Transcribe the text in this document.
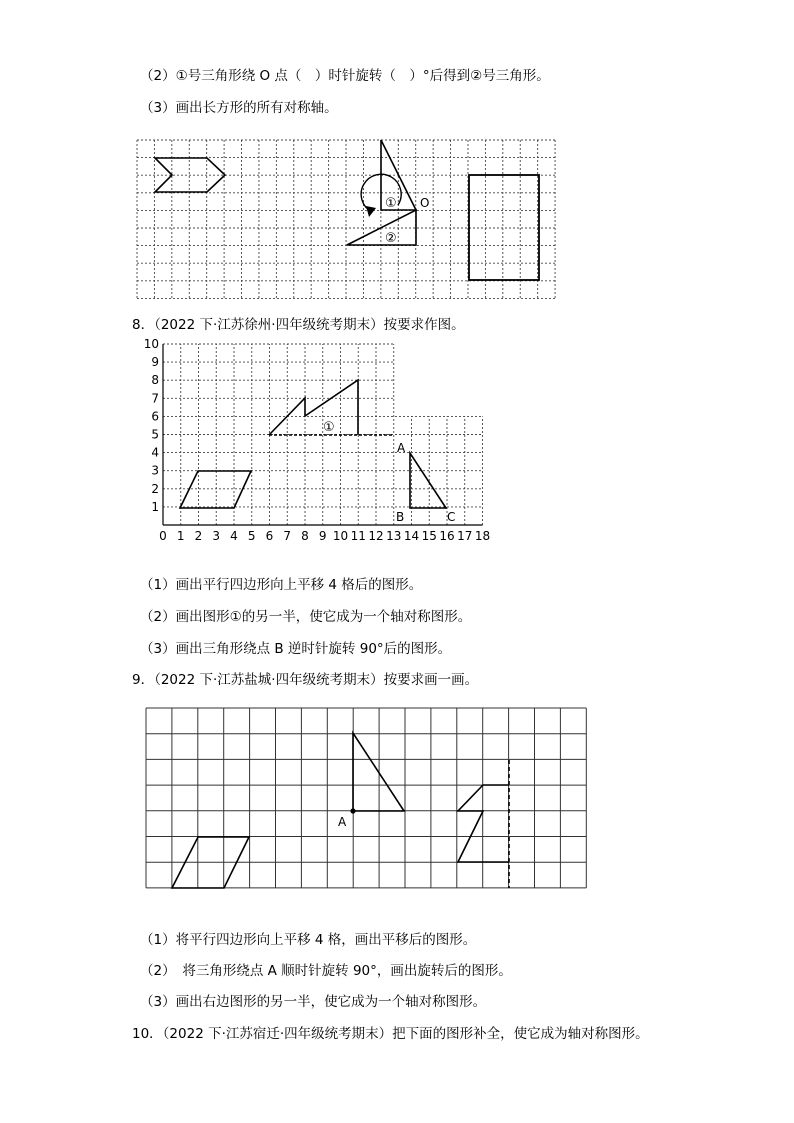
（2）①号三角形绕 O 点（　）时针旋转（　）°后得到②号三角形。
（3）画出长方形的所有对称轴。
①
②
O
8．（2022 下·江苏徐州·四年级统考期末）按要求作图。
10
9
8
7
6
5
4
3
2
1
0 1 2 3 4 5 6 7 8 9 10 11 12 13 14 15 16 17 18
①
A
B	C
（1）画出平行四边形向上平移 4 格后的图形。
（2）画出图形①的另一半，使它成为一个轴对称图形。
（3）画出三角形绕点 B 逆时针旋转 90°后的图形。
9．（2022 下·江苏盐城·四年级统考期末）按要求画一画。
A
（1）将平行四边形向上平移 4 格，画出平移后的图形。
（2）　将三角形绕点 A 顺时针旋转 90°，画出旋转后的图形。
（3）画出右边图形的另一半，使它成为一个轴对称图形。
10．（2022 下·江苏宿迁·四年级统考期末）把下面的图形补全，使它成为轴对称图形。
